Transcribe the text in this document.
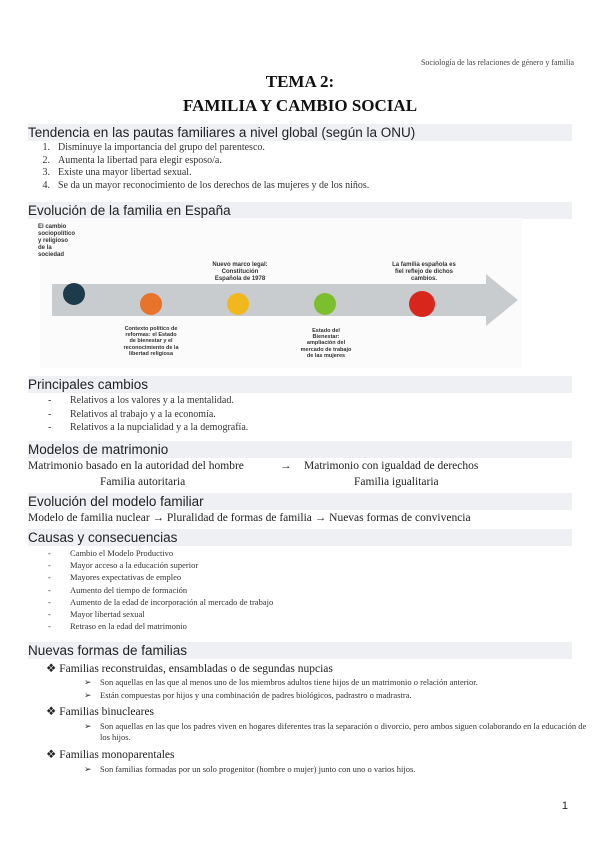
Sociología de las relaciones de género y familia
TEMA 2:
FAMILIA Y CAMBIO SOCIAL
Tendencia en las pautas familiares a nivel global (según la ONU)
1. Disminuye la importancia del grupo del parentesco.
2. Aumenta la libertad para elegir esposo/a.
3. Existe una mayor libertad sexual.
4. Se da un mayor reconocimiento de los derechos de las mujeres y de los niños.
Evolución de la familia en España
El cambio
sociopolítico
y religioso
de la
sociedad
Nuevo marco legal:
Constitución
Española de 1978
La familia española es
fiel reflejo de dichos
cambios.
Contexto político de
reformas: el Estado
de bienestar y el
reconocimiento de la
libertad religiosa
Estado del
Bienestar:
ampliación del
mercado de trabajo
de las mujeres
Principales cambios
- Relativos a los valores y a la mentalidad.
- Relativos al trabajo y a la economía.
- Relativos a la nupcialidad y a la demografía.
Modelos de matrimonio
Matrimonio basado en la autoridad del hombre	→ Matrimonio con igualdad de derechos
Familia autoritaria	Familia igualitaria
Evolución del modelo familiar
Modelo de familia nuclear → Pluralidad de formas de familia → Nuevas formas de convivencia
Causas y consecuencias
- Cambio el Modelo Productivo
- Mayor acceso a la educación superior
- Mayores expectativas de empleo
- Aumento del tiempo de formación
- Aumento de la edad de incorporación al mercado de trabajo
- Mayor libertad sexual
- Retraso en la edad del matrimonio
Nuevas formas de familias
❖ Familias reconstruidas, ensambladas o de segundas nupcias
➢ Son aquellas en las que al menos uno de los miembros adultos tiene hijos de un matrimonio o relación anterior.
➢ Están compuestas por hijos y una combinación de padres biológicos, padrastro o madrastra.
❖ Familias binucleares
➢ Son aquellas en las que los padres viven en hogares diferentes tras la separación o divorcio, pero ambos siguen colaborando en la educación de los hijos.
❖ Familias monoparentales
➢ Son familias formadas por un solo progenitor (hombre o mujer) junto con uno o varios hijos.
1
